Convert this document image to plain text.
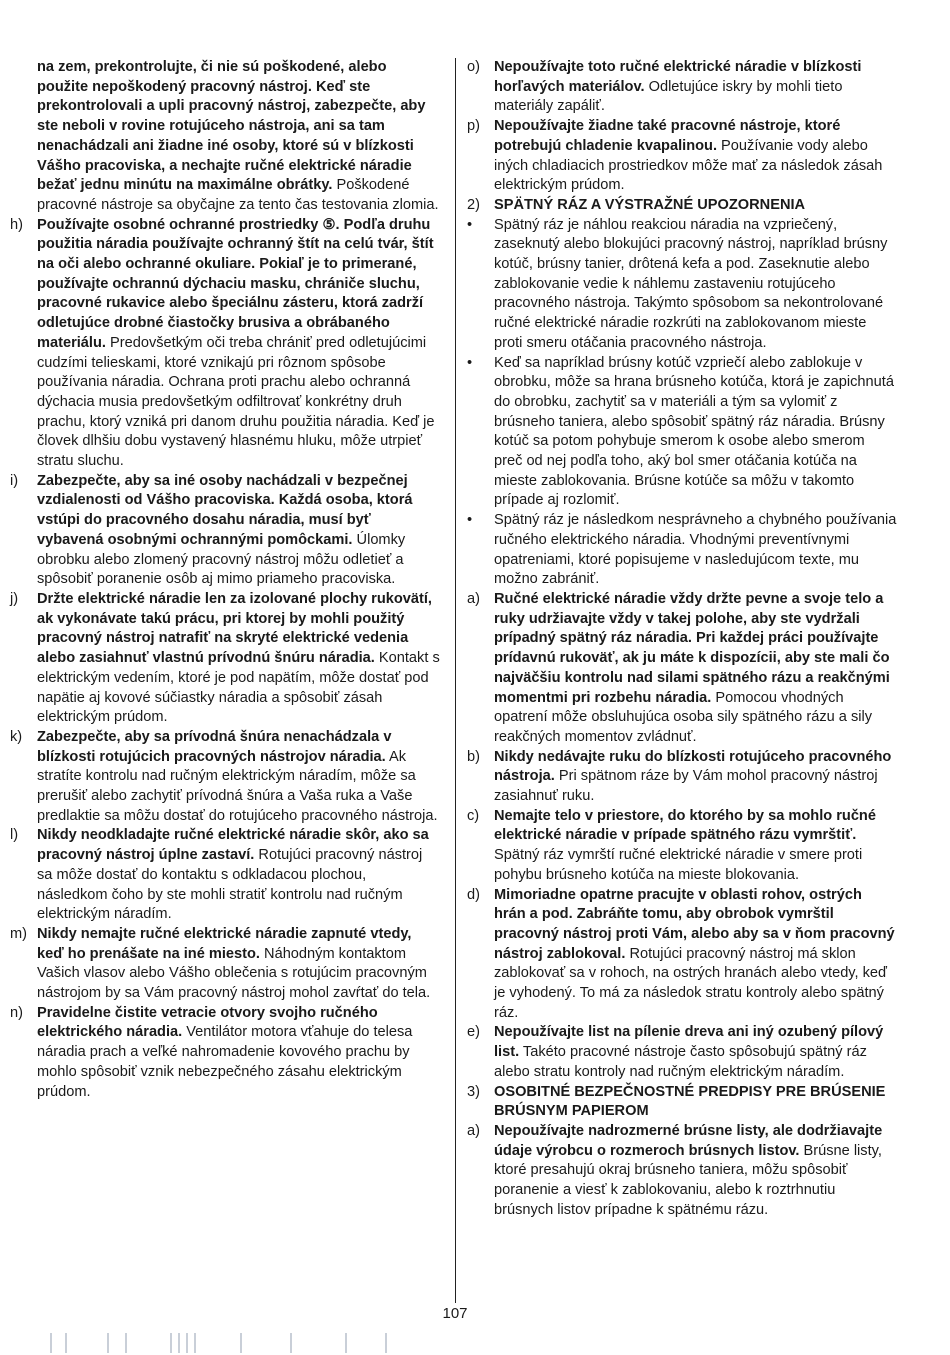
na zem, prekontrolujte, či nie sú poškodené, alebo použite nepoškodený pracovný nástroj. Keď ste prekontrolovali a upli pracovný nástroj, zabezpečte, aby ste neboli v rovine rotujúceho nástroja, ani sa tam nenachádzali ani žiadne iné osoby, ktoré sú v blízkosti Vášho pracoviska, a nechajte ručné elektrické náradie bežať jednu minútu na maximálne obrátky. Poškodené pracovné nástroje sa obyčajne za tento čas testovania zlomia.
h) Používajte osobné ochranné prostriedky ⑤. Podľa druhu použitia náradia používajte ochranný štít na celú tvár, štít na oči alebo ochranné okuliare. Pokiaľ je to primerané, používajte ochrannú dýchaciu masku, chrániče sluchu, pracovné rukavice alebo špeciálnu zásteru, ktorá zadrží odletujúce drobné čiastočky brusiva a obrábaného materiálu. Predovšetkým oči treba chrániť pred odletujúcimi cudzími telieskami, ktoré vznikajú pri rôznom spôsobe používania náradia. Ochrana proti prachu alebo ochranná dýchacia musia predovšetkým odfiltrovať konkrétny druh prachu, ktorý vzniká pri danom druhu použitia náradia. Keď je človek dlhšiu dobu vystavený hlasnému hluku, môže utrpieť stratu sluchu.
i)	Zabezpečte, aby sa iné osoby nachádzali v bezpečnej vzdialenosti od Vášho pracoviska. Každá osoba, ktorá vstúpi do pracovného dosahu náradia, musí byť vybavená osobnými ochrannými pomôckami. Úlomky obrobku alebo zlomený pracovný nástroj môžu odletieť a spôsobiť poranenie osôb aj mimo priameho pracoviska.
j)	Držte elektrické náradie len za izolované plochy rukovätí, ak vykonávate takú prácu, pri ktorej by mohli použitý pracovný nástroj natrafiť na skryté elektrické vedenia alebo zasiahnuť vlastnú prívodnú šnúru náradia. Kontakt s elektrickým vedením, ktoré je pod napätím, môže dostať pod napätie aj kovové súčiastky náradia a spôsobiť zásah elektrickým prúdom.
k)	Zabezpečte, aby sa prívodná šnúra nenachádzala v blízkosti rotujúcich pracovných nástrojov náradia. Ak stratíte kontrolu nad ručným elektrickým náradím, môže sa prerušiť alebo zachytiť prívodná šnúra a Vaša ruka a Vaše predlaktie sa môžu dostať do rotujúceho pracovného nástroja.
l)	Nikdy neodkladajte ručné elektrické náradie skôr, ako sa pracovný nástroj úplne zastaví. Rotujúci pracovný nástroj sa môže dostať do kontaktu s odkladacou plochou, následkom čoho by ste mohli stratiť kontrolu nad ručným elektrickým náradím.
m) Nikdy nemajte ručné elektrické náradie zapnuté vtedy, keď ho prenášate na iné miesto. Náhodným kontaktom Vašich vlasov alebo Vášho oblečenia s rotujúcim pracovným nástrojom by sa Vám pracovný nástroj mohol zavŕtať do tela.
n) Pravidelne čistite vetracie otvory svojho ručného elektrického náradia. Ventilátor motora vťahuje do telesa náradia prach a veľké nahromadenie kovového prachu by mohlo spôsobiť vznik nebezpečného zásahu elektrickým prúdom.
o) Nepoužívajte toto ručné elektrické náradie v blízkosti horľavých materiálov. Odletujúce iskry by mohli tieto materiály zapáliť.
p) Nepoužívajte žiadne také pracovné nástroje, ktoré potrebujú chladenie kvapalinou. Používanie vody alebo iných chladiacich prostriedkov môže mať za následok zásah elektrickým prúdom.
2) SPÄTNÝ RÁZ A VÝSTRAŽNÉ UPOZORNENIA
•	Spätný ráz je náhlou reakciou náradia na vzpriečený, zaseknutý alebo blokujúci pracovný nástroj, napríklad brúsny kotúč, brúsny tanier, drôtená kefa a pod. Zaseknutie alebo zablokovanie vedie k náhlemu zastaveniu rotujúceho pracovného nástroja. Takýmto spôsobom sa nekontrolované ručné elektrické náradie rozkrúti na zablokovanom mieste proti smeru otáčania pracovného nástroja.
•	Keď sa napríklad brúsny kotúč vzpriečí alebo zablokuje v obrobku, môže sa hrana brúsneho kotúča, ktorá je zapichnutá do obrobku, zachytiť sa v materiáli a tým sa vylomiť z brúsneho taniera, alebo spôsobiť spätný ráz náradia. Brúsny kotúč sa potom pohybuje smerom k osobe alebo smerom preč od nej podľa toho, aký bol smer otáčania kotúča na mieste zablokovania. Brúsne kotúče sa môžu v takomto prípade aj rozlomiť.
•	Spätný ráz je následkom nesprávneho a chybného používania ručného elektrického náradia. Vhodnými preventívnymi opatreniami, ktoré popisujeme v nasledujúcom texte, mu možno zabrániť.
a) Ručné elektrické náradie vždy držte pevne a svoje telo a ruky udržiavajte vždy v takej polohe, aby ste vydržali prípadný spätný ráz náradia. Pri každej práci používajte prídavnú rukoväť, ak ju máte k dispozícii, aby ste mali čo najväčšiu kontrolu nad silami spätného rázu a reakčnými momentmi pri rozbehu náradia. Pomocou vhodných opatrení môže obsluhujúca osoba sily spätného rázu a sily reakčných momentov zvládnuť.
b) Nikdy nedávajte ruku do blízkosti rotujúceho pracovného nástroja. Pri spätnom ráze by Vám mohol pracovný nástroj zasiahnuť ruku.
c)	Nemajte telo v priestore, do ktorého by sa mohlo ručné elektrické náradie v prípade spätného rázu vymrštiť. Spätný ráz vymrští ručné elektrické náradie v smere proti pohybu brúsneho kotúča na mieste blokovania.
d) Mimoriadne opatrne pracujte v oblasti rohov, ostrých hrán a pod. Zabráňte tomu, aby obrobok vymrštil pracovný nástroj proti Vám, alebo aby sa v ňom pracovný nástroj zablokoval. Rotujúci pracovný nástroj má sklon zablokovať sa v rohoch, na ostrých hranách alebo vtedy, keď je vyhodený. To má za následok stratu kontroly alebo spätný ráz.
e) Nepoužívajte list na pílenie dreva ani iný ozubený pílový list. Takéto pracovné nástroje často spôsobujú spätný ráz alebo stratu kontroly nad ručným elektrickým náradím.
3) OSOBITNÉ BEZPEČNOSTNÉ PREDPISY PRE BRÚSENIE BRÚSNYM PAPIEROM
a) Nepoužívajte nadrozmerné brúsne listy, ale dodržiavajte údaje výrobcu o rozmeroch brúsnych listov. Brúsne listy, ktoré presahujú okraj brúsneho taniera, môžu spôsobiť poranenie a viesť k zablokovaniu, alebo k roztrhnutiu brúsnych listov prípadne k spätnému rázu.
107
